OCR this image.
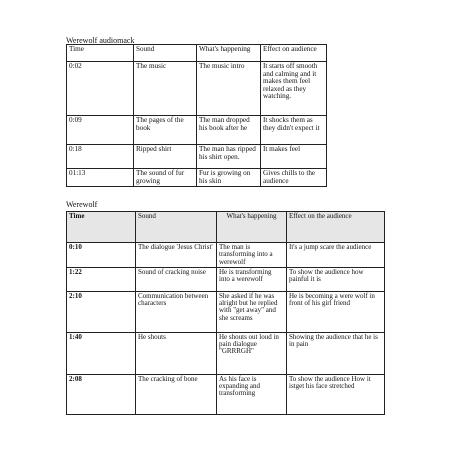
Werewolf audiomack
Time	Sound	What's happening	Effect on audience
0:02	The music	The music intro	It starts off smooth and calming and it makes them feel relaxed as they watching.
0:09	The pages of the book	The man dropped his book after he	It shocks them as they didn't expect it
0:18	Ripped shirt	The man has ripped his shirt open.	It makes feel
01:13	The sound of fur growing	Fur is growing on his skin	Gives chills to the audience
Werewolf
Time	Sound	What's happening	Effect on the audience
0:10	The dialogue 'Jesus Christ'	The man is transforming into a werewolf	It's a jump scare the audience
1:22	Sound of cracking noise	He is transforming into a werewolf	To show the audience how painful it is
2:10	Communication between characters	She asked if he was alright but he replied with "get away" and she screams	He is becoming a were wolf in front of his girl friend
1:40	He shouts	He shouts out loud in pain dialogue "GRRRGH"	Showing the audience that he is in pain
2:08	The cracking of bone	As his face is expanding and transforming	To show the audience How it istget his face stretched
